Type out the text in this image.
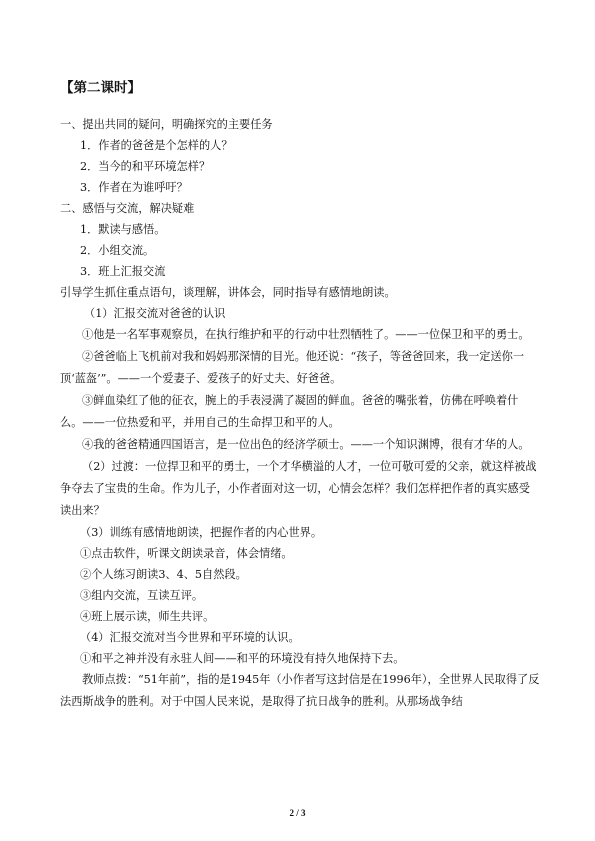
【第二课时】

一、提出共同的疑问，明确探究的主要任务

1．作者的爸爸是个怎样的人？

2．当今的和平环境怎样？

3．作者在为谁呼吁？

二、感悟与交流，解决疑难

1．默读与感悟。

2．小组交流。

3．班上汇报交流

引导学生抓住重点语句，谈理解，讲体会，同时指导有感情地朗读。

（1）汇报交流对爸爸的认识

①他是一名军事观察员，在执行维护和平的行动中壮烈牺牲了。——一位保卫和平的勇士。

②爸爸临上飞机前对我和妈妈那深情的目光。他还说：“孩子，等爸爸回来，我一定送你一顶‘蓝盔’”。——一个爱妻子、爱孩子的好丈夫、好爸爸。

③鲜血染红了他的征衣，腕上的手表浸满了凝固的鲜血。爸爸的嘴张着，仿佛在呼唤着什么。——一位热爱和平，并用自己的生命捍卫和平的人。

④我的爸爸精通四国语言，是一位出色的经济学硕士。——一个知识渊博，很有才华的人。

（2）过渡：一位捍卫和平的勇士，一个才华横溢的人才，一位可敬可爱的父亲，就这样被战争夺去了宝贵的生命。作为儿子，小作者面对这一切，心情会怎样？我们怎样把作者的真实感受读出来？

（3）训练有感情地朗读，把握作者的内心世界。

①点击软件，听课文朗读录音，体会情绪。

②个人练习朗读3、4、5自然段。

③组内交流，互读互评。

④班上展示读，师生共评。

（4）汇报交流对当今世界和平环境的认识。

①和平之神并没有永驻人间——和平的环境没有持久地保持下去。

教师点拨：“51年前”，指的是1945年（小作者写这封信是在1996年），全世界人民取得了反法西斯战争的胜利。对于中国人民来说，是取得了抗日战争的胜利。从那场战争结

2 / 3
